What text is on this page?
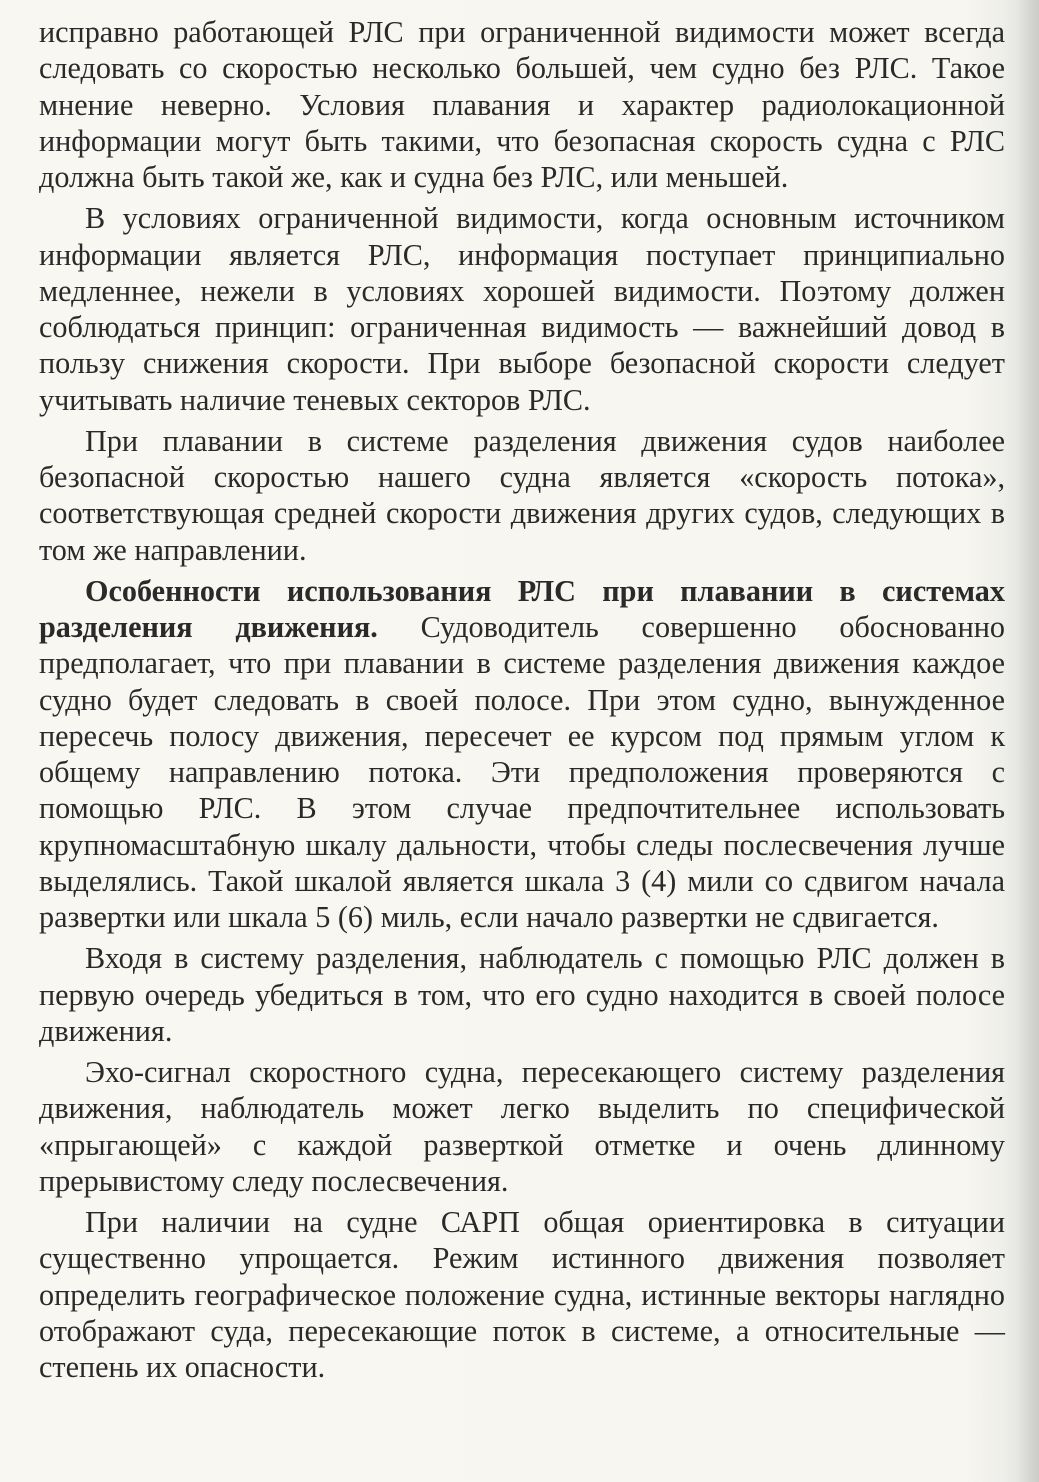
исправно работающей РЛС при ограниченной видимости может всегда следовать со скоростью несколько большей, чем судно без РЛС. Такое мнение неверно. Условия плавания и характер радиолокационной информации могут быть такими, что безопасная скорость судна с РЛС должна быть такой же, как и судна без РЛС, или меньшей.

В условиях ограниченной видимости, когда основным источником информации является РЛС, информация поступает принципиально медленнее, нежели в условиях хорошей видимости. Поэтому должен соблюдаться принцип: ограниченная видимость — важнейший довод в пользу снижения скорости. При выборе безопасной скорости следует учитывать наличие теневых секторов РЛС.

При плавании в системе разделения движения судов наиболее безопасной скоростью нашего судна является «скорость потока», соответствующая средней скорости движения других судов, следующих в том же направлении.

Особенности использования РЛС при плавании в системах разделения движения. Судоводитель совершенно обоснованно предполагает, что при плавании в системе разделения движения каждое судно будет следовать в своей полосе. При этом судно, вынужденное пересечь полосу движения, пересечет ее курсом под прямым углом к общему направлению потока. Эти предположения проверяются с помощью РЛС. В этом случае предпочтительнее использовать крупномасштабную шкалу дальности, чтобы следы послесвечения лучше выделялись. Такой шкалой является шкала 3 (4) мили со сдвигом начала развертки или шкала 5 (6) миль, если начало развертки не сдвигается.

Входя в систему разделения, наблюдатель с помощью РЛС должен в первую очередь убедиться в том, что его судно находится в своей полосе движения.

Эхо-сигнал скоростного судна, пересекающего систему разделения движения, наблюдатель может легко выделить по специфической «прыгающей» с каждой разверткой отметке и очень длинному прерывистому следу послесвечения.

При наличии на судне САРП общая ориентировка в ситуации существенно упрощается. Режим истинного движения позволяет определить географическое положение судна, истинные векторы наглядно отображают суда, пересекающие поток в системе, а относительные — степень их опасности.
